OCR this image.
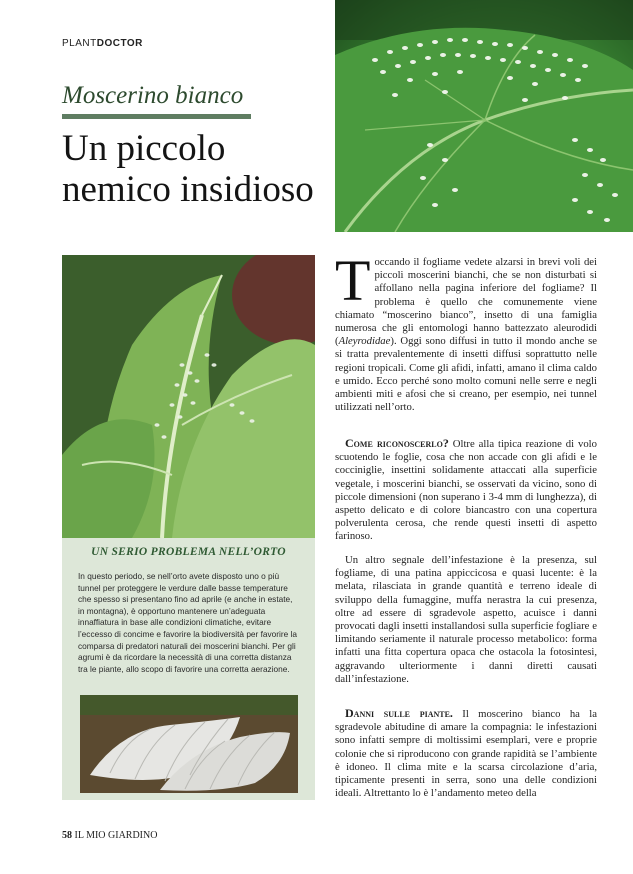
PLANTDOCTOR
Moscerino bianco
Un piccolo
nemico insidioso
UN SERIO PROBLEMA NELL’ORTO

In questo periodo, se nell’orto avete disposto uno o più tunnel per proteggere le verdure dalle basse temperature che spesso si presentano fino ad aprile (e anche in estate, in montagna), è opportuno mantenere un’adeguata innaffiatura in base alle condizioni climatiche, evitare l’eccesso di concime e favorire la biodiversità per favorire la comparsa di predatori naturali dei moscerini bianchi. Per gli agrumi è da ricordare la necessità di una corretta distanza tra le piante, allo scopo di favorire una corretta aerazione.

Toccando il fogliame vedete alzarsi in brevi voli dei piccoli moscerini bianchi, che se non disturbati si affollano nella pagina inferiore del fogliame? Il problema è quello che comunemente viene chiamato “moscerino bianco”, insetto di una famiglia numerosa che gli entomologi hanno battezzato aleurodidi (Aleyrodidae). Oggi sono diffusi in tutto il mondo anche se si tratta prevalentemente di insetti diffusi soprattutto nelle regioni tropicali. Come gli afidi, infatti, amano il clima caldo e umido. Ecco perché sono molto comuni nelle serre e negli ambienti miti e afosi che si creano, per esempio, nei tunnel utilizzati nell’orto.

Come riconoscerlo? Oltre alla tipica reazione di volo scuotendo le foglie, cosa che non accade con gli afidi e le cocciniglie, insettini solidamente attaccati alla superficie vegetale, i moscerini bianchi, se osservati da vicino, sono di piccole dimensioni (non superano i 3-4 mm di lunghezza), di aspetto delicato e di colore biancastro con una copertura polverulenta cerosa, che rende questi insetti di aspetto farinoso.

Un altro segnale dell’infestazione è la presenza, sul fogliame, di una patina appiccicosa e quasi lucente: è la melata, rilasciata in grande quantità e terreno ideale di sviluppo della fumaggine, muffa nerastra la cui presenza, oltre ad essere di sgradevole aspetto, acuisce i danni provocati dagli insetti installandosi sulla superficie fogliare e limitando seriamente il naturale processo metabolico: forma infatti una fitta copertura opaca che ostacola la fotosintesi, aggravando ulteriormente i danni diretti causati dall’infestazione.

Danni sulle piante. Il moscerino bianco ha la sgradevole abitudine di amare la compagnia: le infestazioni sono infatti sempre di moltissimi esemplari, vere e proprie colonie che si riproducono con grande rapidità se l’ambiente è idoneo. Il clima mite e la scarsa circolazione d’aria, tipicamente presenti in serra, sono una delle condizioni ideali. Altrettanto lo è l’andamento meteo della

58 IL MIO GIARDINO
